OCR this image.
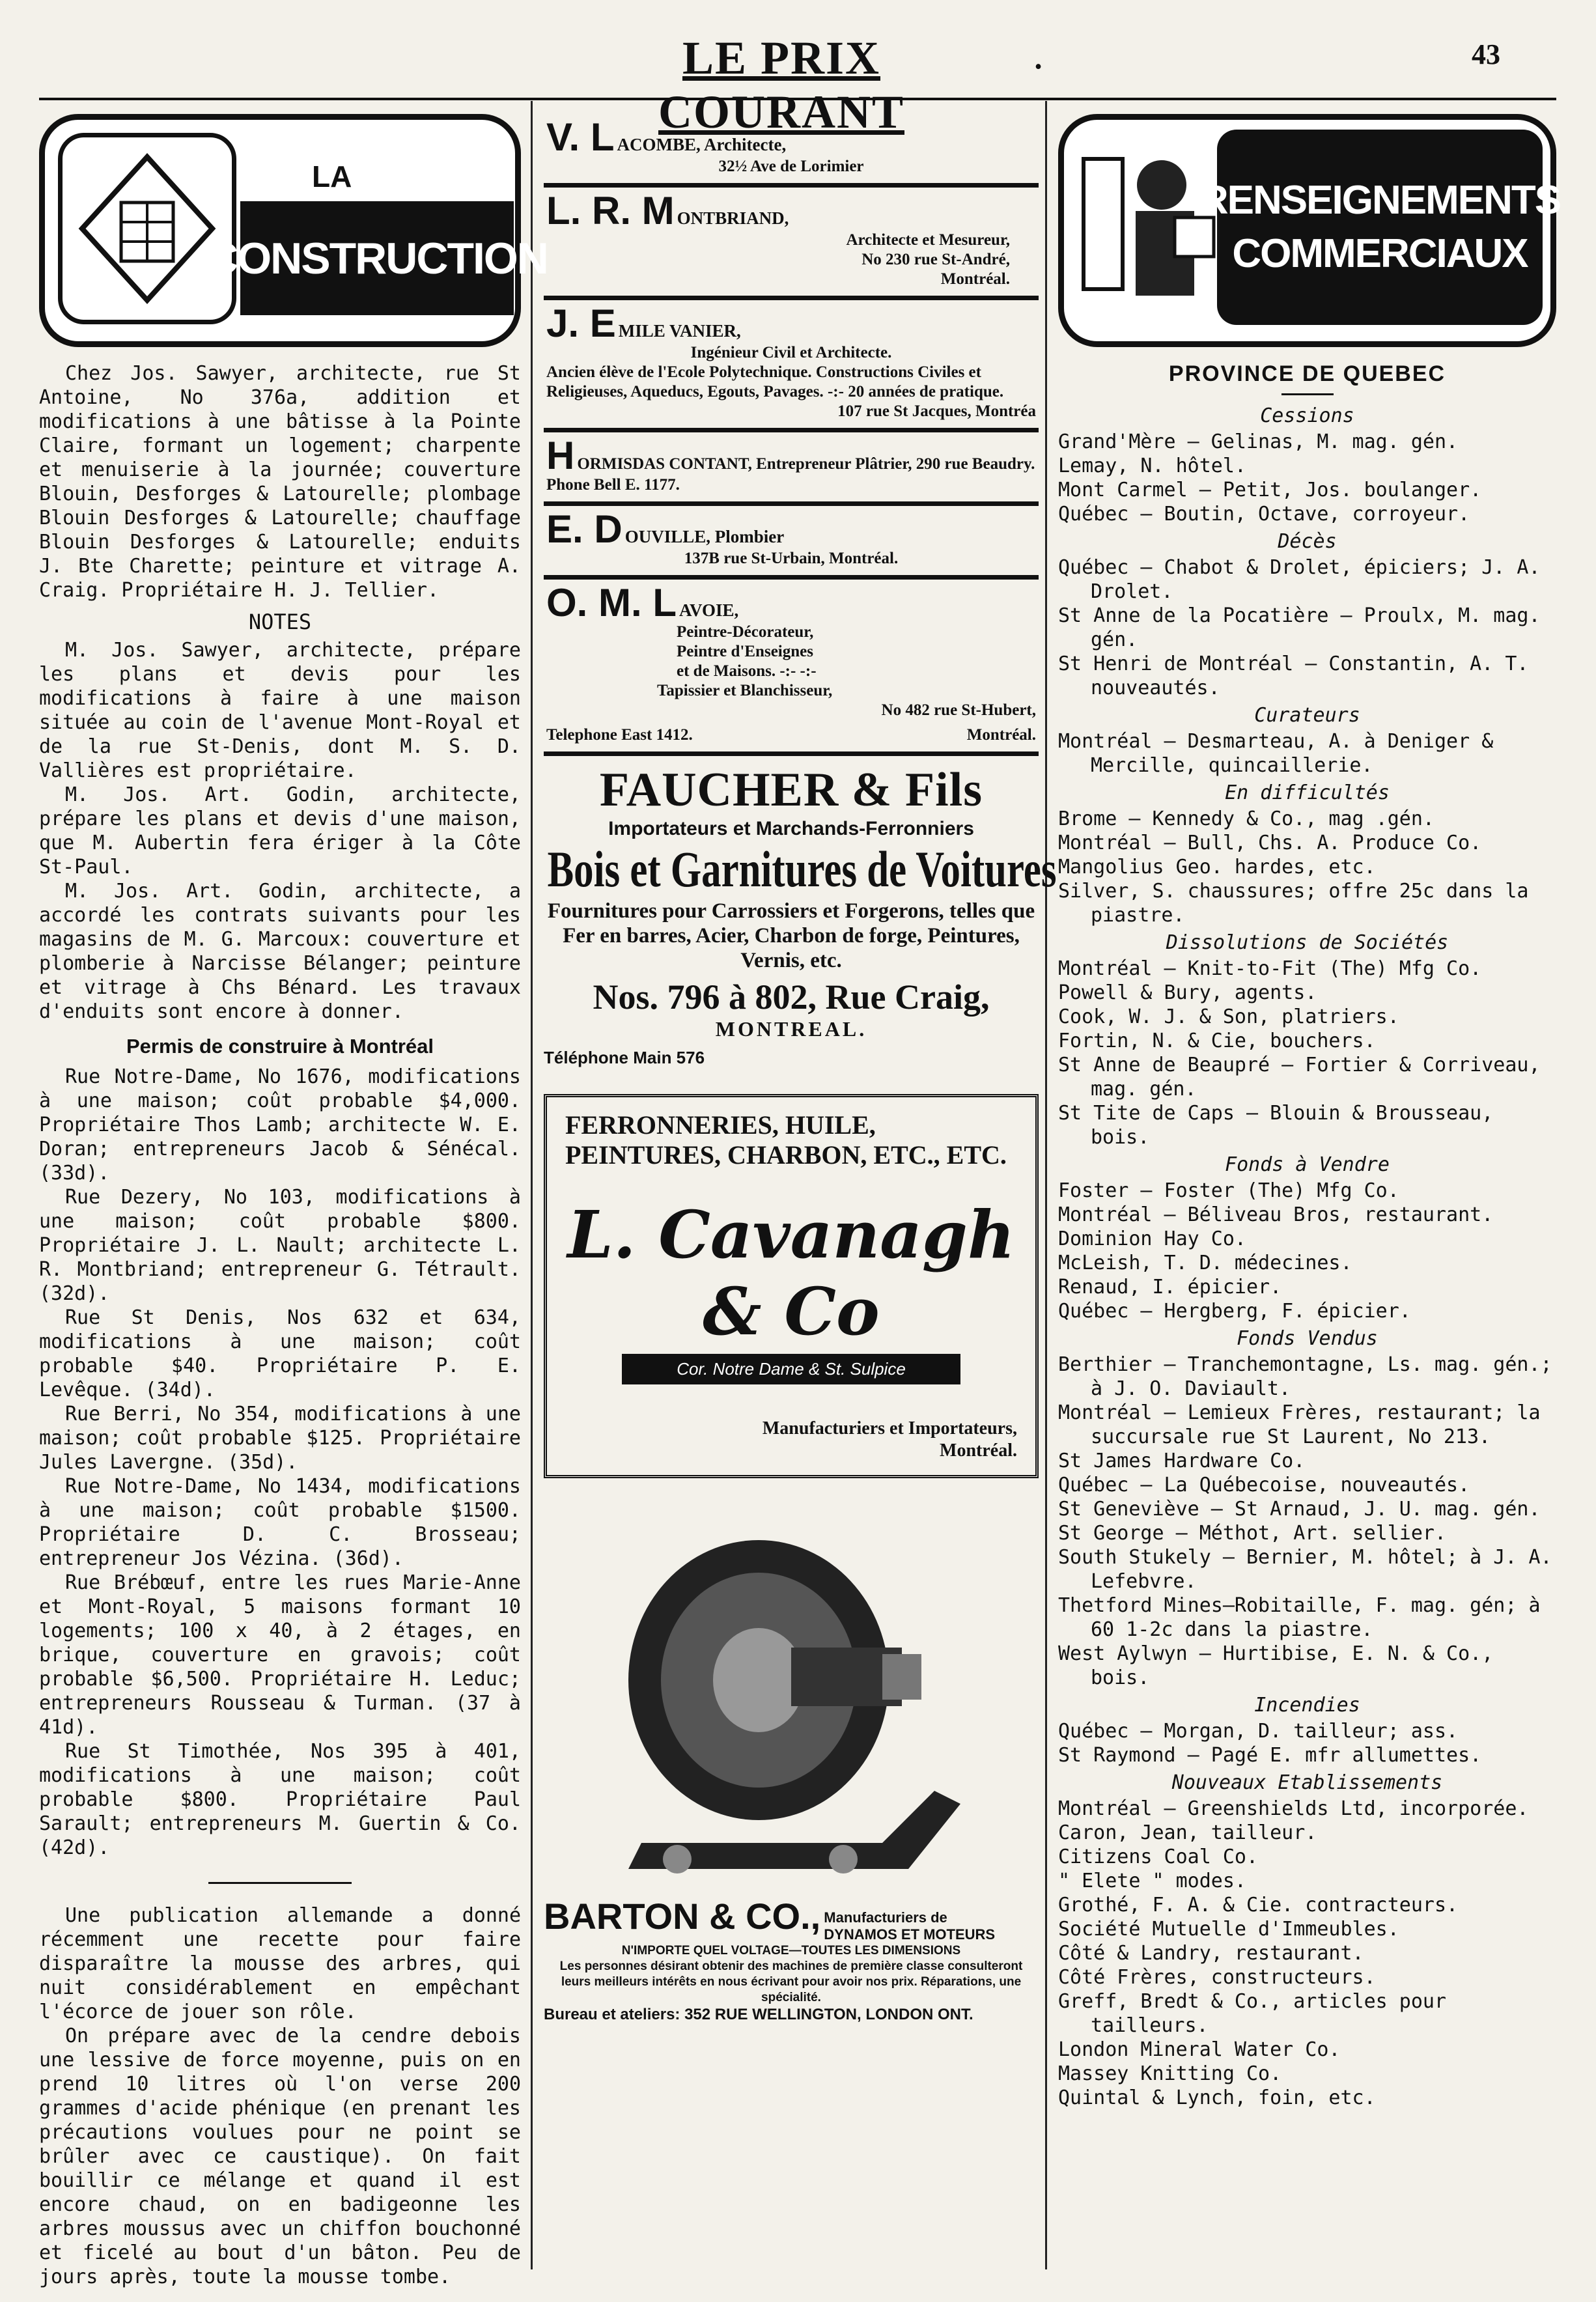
LE PRIX COURANT
.	43
LA
CONSTRUCTION

Chez Jos. Sawyer, architecte, rue St Antoine, No 376a, addition et modifications à une bâtisse à la Pointe Claire, formant un logement; charpente et menuiserie à la journée; couverture Blouin, Desforges & Latourelle; plombage Blouin Desforges & Latourelle; chauffage Blouin Desforges & Latourelle; enduits J. Bte Charette; peinture et vitrage A. Craig. Propriétaire H. J. Tellier.

NOTES

M. Jos. Sawyer, architecte, prépare les plans et devis pour les modifications à faire à une maison située au coin de l'avenue Mont-Royal et de la rue St-Denis, dont M. S. D. Vallières est propriétaire.

M. Jos. Art. Godin, architecte, prépare les plans et devis d'une maison, que M. Aubertin fera ériger à la Côte St-Paul.

M. Jos. Art. Godin, architecte, a accordé les contrats suivants pour les magasins de M. G. Marcoux: couverture et plomberie à Narcisse Bélanger; peinture et vitrage à Chs Bénard. Les travaux d'enduits sont encore à donner.

Permis de construire à Montréal

Rue Notre-Dame, No 1676, modifications à une maison; coût probable $4,000. Propriétaire Thos Lamb; architecte W. E. Doran; entrepreneurs Jacob & Sénécal. (33d).

Rue Dezery, No 103, modifications à une maison; coût probable $800. Propriétaire J. L. Nault; architecte L. R. Montbriand; entrepreneur G. Tétrault. (32d).

Rue St Denis, Nos 632 et 634, modifications à une maison; coût probable $40. Propriétaire P. E. Levêque. (34d).

Rue Berri, No 354, modifications à une maison; coût probable $125. Propriétaire Jules Lavergne. (35d).

Rue Notre-Dame, No 1434, modifications à une maison; coût probable $1500. Propriétaire D. C. Brosseau; entrepreneur Jos Vézina. (36d).

Rue Brébœuf, entre les rues Marie-Anne et Mont-Royal, 5 maisons formant 10 logements; 100 x 40, à 2 étages, en brique, couverture en gravois; coût probable $6,500. Propriétaire H. Leduc; entrepreneurs Rousseau & Turman. (37 à 41d).

Rue St Timothée, Nos 395 à 401, modifications à une maison; coût probable $800. Propriétaire Paul Sarault; entrepreneurs M. Guertin & Co. (42d).

Une publication allemande a donné récemment une recette pour faire disparaître la mousse des arbres, qui nuit considérablement en empêchant l'écorce de jouer son rôle.

On prépare avec de la cendre debois une lessive de force moyenne, puis on en prend 10 litres où l'on verse 200 grammes d'acide phénique (en prenant les précautions voulues pour ne point se brûler avec ce caustique). On fait bouillir ce mélange et quand il est encore chaud, on en badigeonne les arbres moussus avec un chiffon bouchonné et ficelé au bout d'un bâton. Peu de jours après, toute la mousse tombe.

V. L ACOMBE, Architecte,
32½ Ave de Lorimier
L. R. M ONTBRIAND,
Architecte et Mesureur,
No 230 rue St-André,
Montréal.
J. E MILE VANIER,
Ingénieur Civil et Architecte.
Ancien élève de l'Ecole Polytechnique. Constructions Civiles et Religieuses, Aqueducs, Egouts, Pavages. -:- 20 années de pratique.
107 rue St Jacques, Montréa
H ORMISDAS CONTANT, Entrepreneur Plâtrier, 290 rue Beaudry. Phone Bell E. 1177.
E. D OUVILLE, Plombier
137B rue St-Urbain, Montréal.
O. M. L AVOIE,
Peintre-Décorateur,
Peintre d'Enseignes
et de Maisons. -:- -:-
Tapissier et Blanchisseur,
No 482 rue St-Hubert,
Telephone East 1412.	Montréal.
FAUCHER & Fils
Importateurs et Marchands-Ferronniers
Bois et Garnitures de Voitures
Fournitures pour Carrossiers et Forgerons, telles que Fer en barres, Acier, Charbon de forge, Peintures, Vernis, etc.
Nos. 796 à 802, Rue Craig,
MONTREAL.
Téléphone Main 576
FERRONNERIES, HUILE, PEINTURES, CHARBON, ETC., ETC.
L. Cavanagh & Co
Cor. Notre Dame & St. Sulpice
Manufacturiers et Importateurs,
Montréal.
BARTON & CO., Manufacturiers de
DYNAMOS ET MOTEURS
N'IMPORTE QUEL VOLTAGE—TOUTES LES DIMENSIONS
Les personnes désirant obtenir des machines de première classe consulteront leurs meilleurs intérêts en nous écrivant pour avoir nos prix. Réparations, une spécialité.
Bureau et ateliers: 352 RUE WELLINGTON, LONDON ONT.
RENSEIGNEMENTS
COMMERCIAUX
PROVINCE DE QUEBEC
Cessions
Grand'Mère — Gelinas, M. mag. gén.
Lemay, N. hôtel.
Mont Carmel — Petit, Jos. boulanger.
Québec — Boutin, Octave, corroyeur.
Décès
Québec — Chabot & Drolet, épiciers; J. A. Drolet.
St Anne de la Pocatière — Proulx, M. mag. gén.
St Henri de Montréal — Constantin, A. T. nouveautés.
Curateurs
Montréal — Desmarteau, A. à Deniger & Mercille, quincaillerie.
En difficultés
Brome — Kennedy & Co., mag .gén.
Montréal — Bull, Chs. A. Produce Co.
Mangolius Geo. hardes, etc.
Silver, S. chaussures; offre 25c dans la piastre.
Dissolutions de Sociétés
Montréal — Knit-to-Fit (The) Mfg Co.
Powell & Bury, agents.
Cook, W. J. & Son, platriers.
Fortin, N. & Cie, bouchers.
St Anne de Beaupré — Fortier & Corriveau, mag. gén.
St Tite de Caps — Blouin & Brousseau, bois.
Fonds à Vendre
Foster — Foster (The) Mfg Co.
Montréal — Béliveau Bros, restaurant.
Dominion Hay Co.
McLeish, T. D. médecines.
Renaud, I. épicier.
Québec — Hergberg, F. épicier.
Fonds Vendus
Berthier — Tranchemontagne, Ls. mag. gén.; à J. O. Daviault.
Montréal — Lemieux Frères, restaurant; la succursale rue St Laurent, No 213.
St James Hardware Co.
Québec — La Québecoise, nouveautés.
St Geneviève — St Arnaud, J. U. mag. gén.
St George — Méthot, Art. sellier.
South Stukely — Bernier, M. hôtel; à J. A. Lefebvre.
Thetford Mines—Robitaille, F. mag. gén; à 60 1-2c dans la piastre.
West Aylwyn — Hurtibise, E. N. & Co., bois.
Incendies
Québec — Morgan, D. tailleur; ass.
St Raymond — Pagé E. mfr allumettes.
Nouveaux Etablissements
Montréal — Greenshields Ltd, incorporée.
Caron, Jean, tailleur.
Citizens Coal Co.
" Elete " modes.
Grothé, F. A. & Cie. contracteurs.
Société Mutuelle d'Immeubles.
Côté & Landry, restaurant.
Côté Frères, constructeurs.
Greff, Bredt & Co., articles pour tailleurs.
London Mineral Water Co.
Massey Knitting Co.
Quintal & Lynch, foin, etc.
